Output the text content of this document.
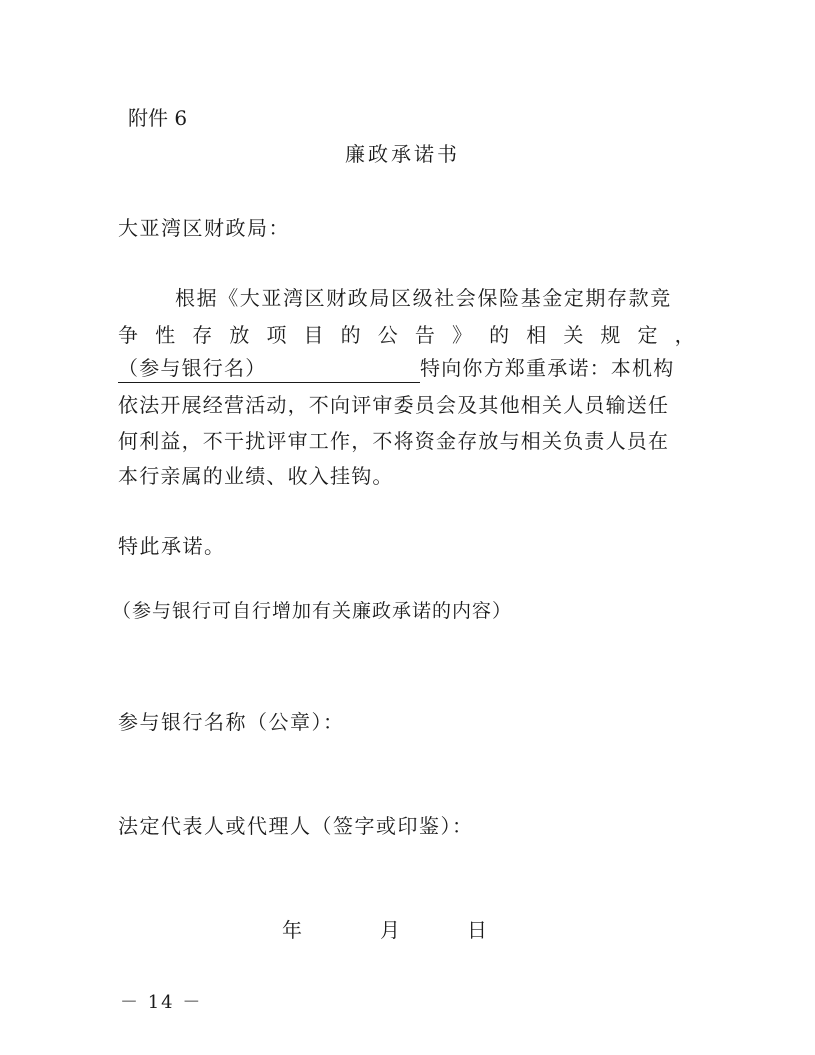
附件 6
廉政承诺书
大亚湾区财政局：
根据《大亚湾区财政局区级社会保险基金定期存款竞
争 性 存 放 项 目 的 公 告 》 的 相 关 规 定 ，
（参与银行名）	特向你方郑重承诺：本机构
依法开展经营活动，不向评审委员会及其他相关人员输送任
何利益，不干扰评审工作，不将资金存放与相关负责人员在
本行亲属的业绩、收入挂钩。
特此承诺。
（参与银行可自行增加有关廉政承诺的内容）
参与银行名称（公章）：
法定代表人或代理人（签字或印鉴）：
年	月	日
－ 14 －
